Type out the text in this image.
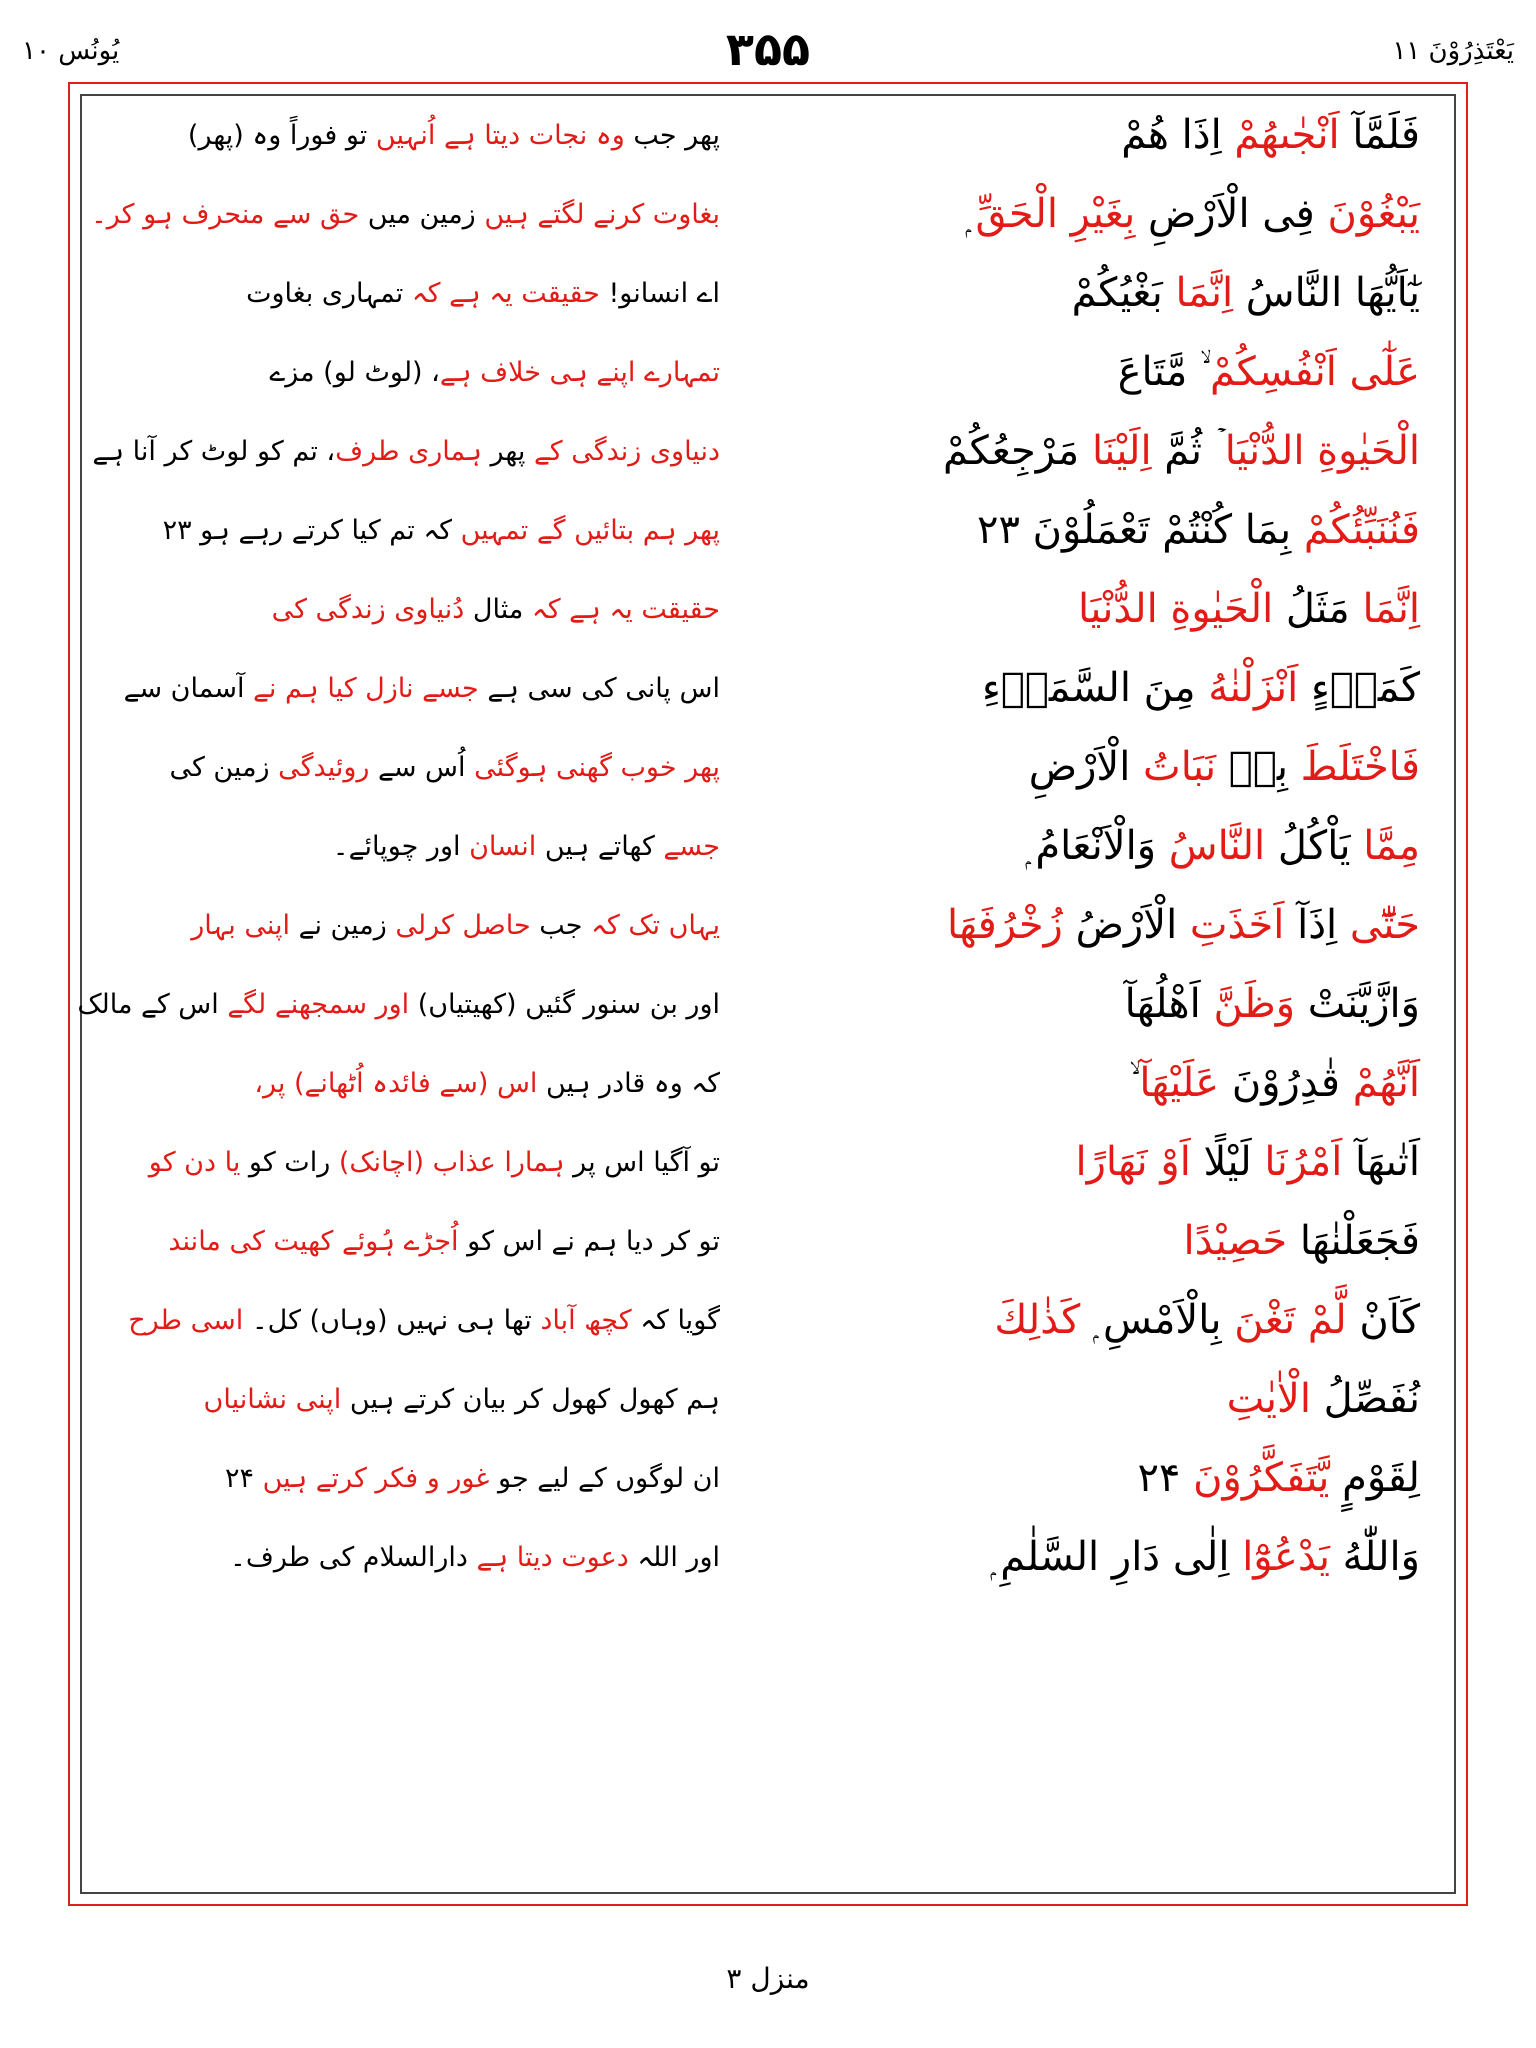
یُونُس ۱۰	۳۵۵	يَعْتَذِرُوْنَ ۱۱
فَلَمَّآ اَنْجٰىهُمْ اِذَا هُمْ
پھر جب وہ نجات دیتا ہے اُنہیں تو فوراً وہ (پھر)
يَبْغُوْنَ فِى الْاَرْضِ بِغَيْرِ الْحَقِّ ۭ
بغاوت کرنے لگتے ہیں زمین میں حق سے منحرف ہو کر۔
يٰٓاَيُّهَا النَّاسُ اِنَّمَا بَغْيُكُمْ
اے انسانو! حقیقت یہ ہے کہ تمہاری بغاوت
عَلٰٓى اَنْفُسِكُمْ ۙ مَّتَاعَ
تمہارے اپنے ہی خلاف ہے، (لوٹ لو) مزے
الْحَيٰوةِ الدُّنْيَا ۡ ثُمَّ اِلَيْنَا مَرْجِعُكُمْ
دنیاوی زندگی کے پھر ہماری طرف، تم کو لوٹ کر آنا ہے
فَنُنَبِّئُكُمْ بِمَا كُنْتُمْ تَعْمَلُوْنَ ۲۳
پھر ہم بتائیں گے تمہیں کہ تم کیا کرتے رہے ہو ۲۳
اِنَّمَا مَثَلُ الْحَيٰوةِ الدُّنْيَا
حقیقت یہ ہے کہ مثال دُنیاوی زندگی کی
كَمَاۗءٍ اَنْزَلْنٰهُ مِنَ السَّمَاۗءِ
اس پانی کی سی ہے جسے نازل کیا ہم نے آسمان سے
فَاخْتَلَطَ بِهٖ نَبَاتُ الْاَرْضِ
پھر خوب گھنی ہوگئی اُس سے روئیدگی زمین کی
مِمَّا يَاْكُلُ النَّاسُ وَالْاَنْعَامُ ۭ
جسے کھاتے ہیں انسان اور چوپائے۔
حَتّٰٓى اِذَآ اَخَذَتِ الْاَرْضُ زُخْرُفَهَا
یہاں تک کہ جب حاصل کرلی زمین نے اپنی بہار
وَازَّيَّنَتْ وَظَنَّ اَهْلُهَآ
اور بن سنور گئیں (کھیتیاں) اور سمجھنے لگے اس کے مالک
اَنَّهُمْ قٰدِرُوْنَ عَلَيْهَآ ۙ
کہ وہ قادر ہیں اس (سے فائدہ اُٹھانے) پر،
اَتٰىهَآ اَمْرُنَا لَيْلًا اَوْ نَهَارًا
تو آگیا اس پر ہمارا عذاب (اچانک) رات کو یا دن کو
فَجَعَلْنٰهَا حَصِيْدًا
تو کر دیا ہم نے اس کو اُجڑے ہُوئے کھیت کی مانند
كَاَنْ لَّمْ تَغْنَ بِالْاَمْسِ ۭ كَذٰلِكَ
گویا کہ کچھ آباد تھا ہی نہیں (وہاں) کل۔ اسی طرح
نُفَصِّلُ الْاٰيٰتِ
ہم کھول کھول کر بیان کرتے ہیں اپنی نشانیاں
لِقَوْمٍ يَّتَفَكَّرُوْنَ ۲۴
ان لوگوں کے لیے جو غور و فکر کرتے ہیں ۲۴
وَاللّٰهُ يَدْعُوْٓا اِلٰى دَارِ السَّلٰمِ ۭ
اور اللہ دعوت دیتا ہے دارالسلام کی طرف۔
منزل ۳
